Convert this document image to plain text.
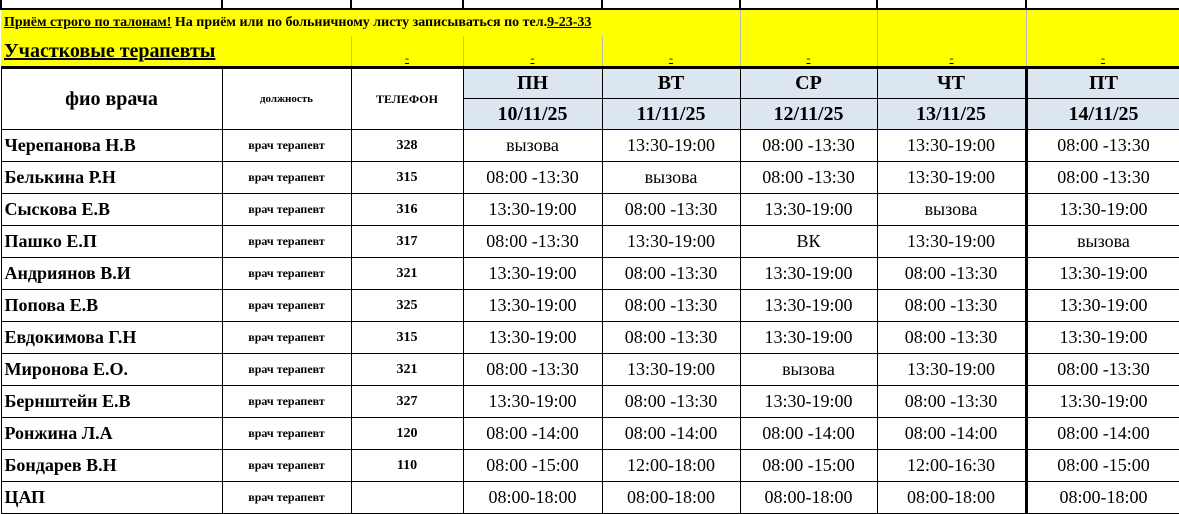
Приём строго по талонам! На приём или по больничному листу записываться по тел.9-23-33							
Участковые терапевты		-	-	-	-	-	-
фио врача	должность	ТЕЛЕФОН	ПН	ВТ	СР	ЧТ	ПТ
			10/11/25	11/11/25	12/11/25	13/11/25	14/11/25
Черепанова Н.В	врач терапевт	328	вызова	13:30-19:00	08:00 -13:30	13:30-19:00	08:00 -13:30
Белькина Р.Н	врач терапевт	315	08:00 -13:30	вызова	08:00 -13:30	13:30-19:00	08:00 -13:30
Сыскова Е.В	врач терапевт	316	13:30-19:00	08:00 -13:30	13:30-19:00	вызова	13:30-19:00
Пашко Е.П	врач терапевт	317	08:00 -13:30	13:30-19:00	ВК	13:30-19:00	вызова
Андриянов В.И	врач терапевт	321	13:30-19:00	08:00 -13:30	13:30-19:00	08:00 -13:30	13:30-19:00
Попова Е.В	врач терапевт	325	13:30-19:00	08:00 -13:30	13:30-19:00	08:00 -13:30	13:30-19:00
Евдокимова Г.Н	врач терапевт	315	13:30-19:00	08:00 -13:30	13:30-19:00	08:00 -13:30	13:30-19:00
Миронова Е.О.	врач терапевт	321	08:00 -13:30	13:30-19:00	вызова	13:30-19:00	08:00 -13:30
Бернштейн Е.В	врач терапевт	327	13:30-19:00	08:00 -13:30	13:30-19:00	08:00 -13:30	13:30-19:00
Ронжина Л.А	врач терапевт	120	08:00 -14:00	08:00 -14:00	08:00 -14:00	08:00 -14:00	08:00 -14:00
Бондарев В.Н	врач терапевт	110	08:00 -15:00	12:00-18:00	08:00 -15:00	12:00-16:30	08:00 -15:00
ЦАП	врач терапевт		08:00-18:00	08:00-18:00	08:00-18:00	08:00-18:00	08:00-18:00
